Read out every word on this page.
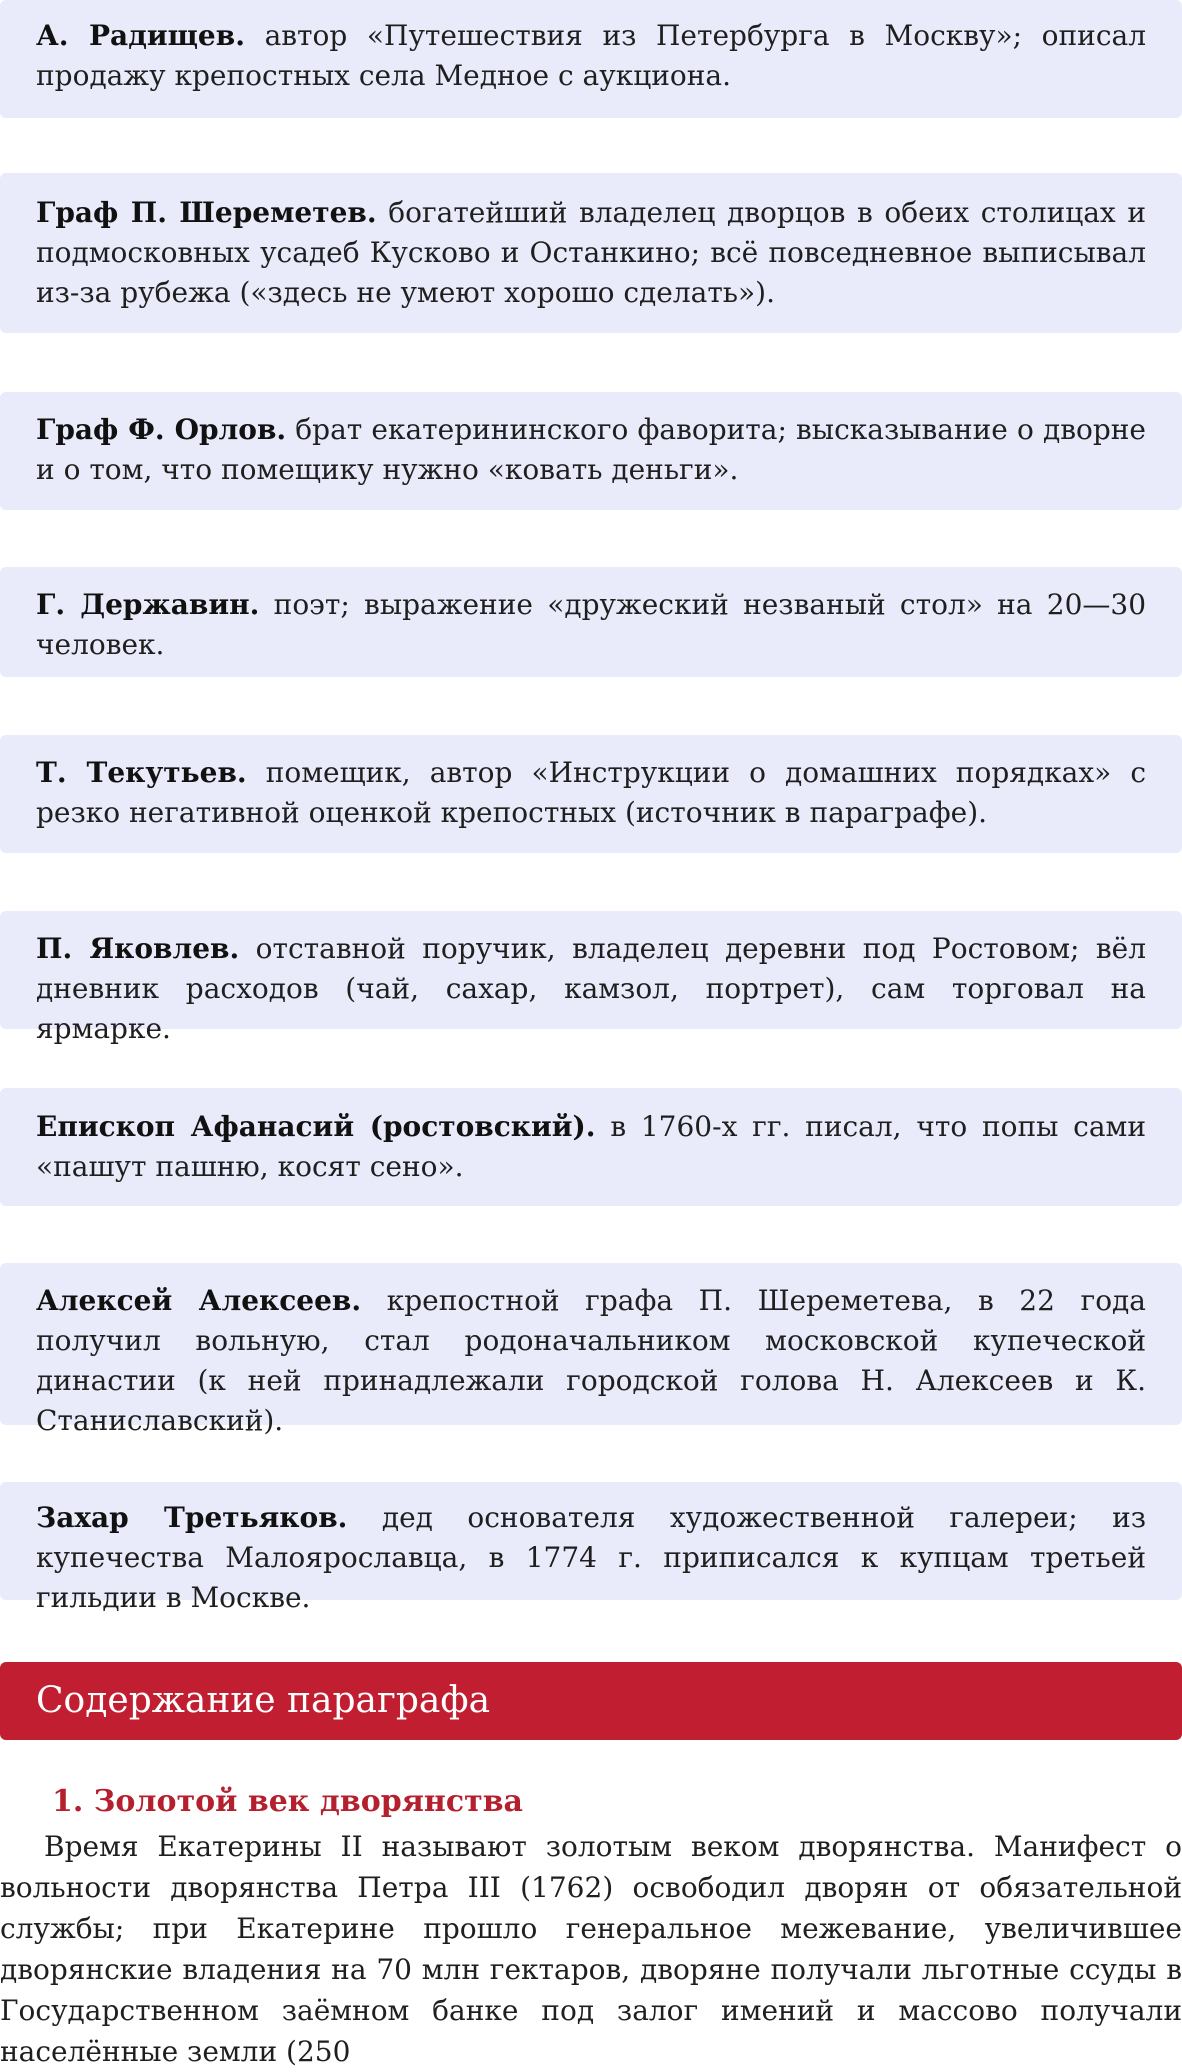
А. Радищев. автор «Путешествия из Петербурга в Москву»; описал продажу крепостных села Медное с аукциона.
Граф П. Шереметев. богатейший владелец дворцов в обеих столицах и подмосковных усадеб Кусково и Останкино; всё повседневное выписывал из-за рубежа («здесь не умеют хорошо сделать»).
Граф Ф. Орлов. брат екатерининского фаворита; высказывание о дворне и о том, что помещику нужно «ковать деньги».
Г. Державин. поэт; выражение «дружеский незваный стол» на 20—30 человек.
Т. Текутьев. помещик, автор «Инструкции о домашних порядках» с резко негативной оценкой крепостных (источник в параграфе).
П. Яковлев. отставной поручик, владелец деревни под Ростовом; вёл дневник расходов (чай, сахар, камзол, портрет), сам торговал на ярмарке.
Епископ Афанасий (ростовский). в 1760-х гг. писал, что попы сами «пашут пашню, косят сено».
Алексей Алексеев. крепостной графа П. Шереметева, в 22 года получил вольную, стал родоначальником московской купеческой династии (к ней принадлежали городской голова Н. Алексеев и К. Станиславский).
Захар Третьяков. дед основателя художественной галереи; из купечества Малоярославца, в 1774 г. приписался к купцам третьей гильдии в Москве.
Содержание параграфа
1. Золотой век дворянства
Время Екатерины II называют золотым веком дворянства. Манифест о вольности дворянства Петра III (1762) освободил дворян от обязательной службы; при Екатерине прошло генеральное межевание, увеличившее дворянские владения на 70 млн гектаров, дворяне получали льготные ссуды в Государственном заёмном банке под залог имений и массово получали населённые земли (250
